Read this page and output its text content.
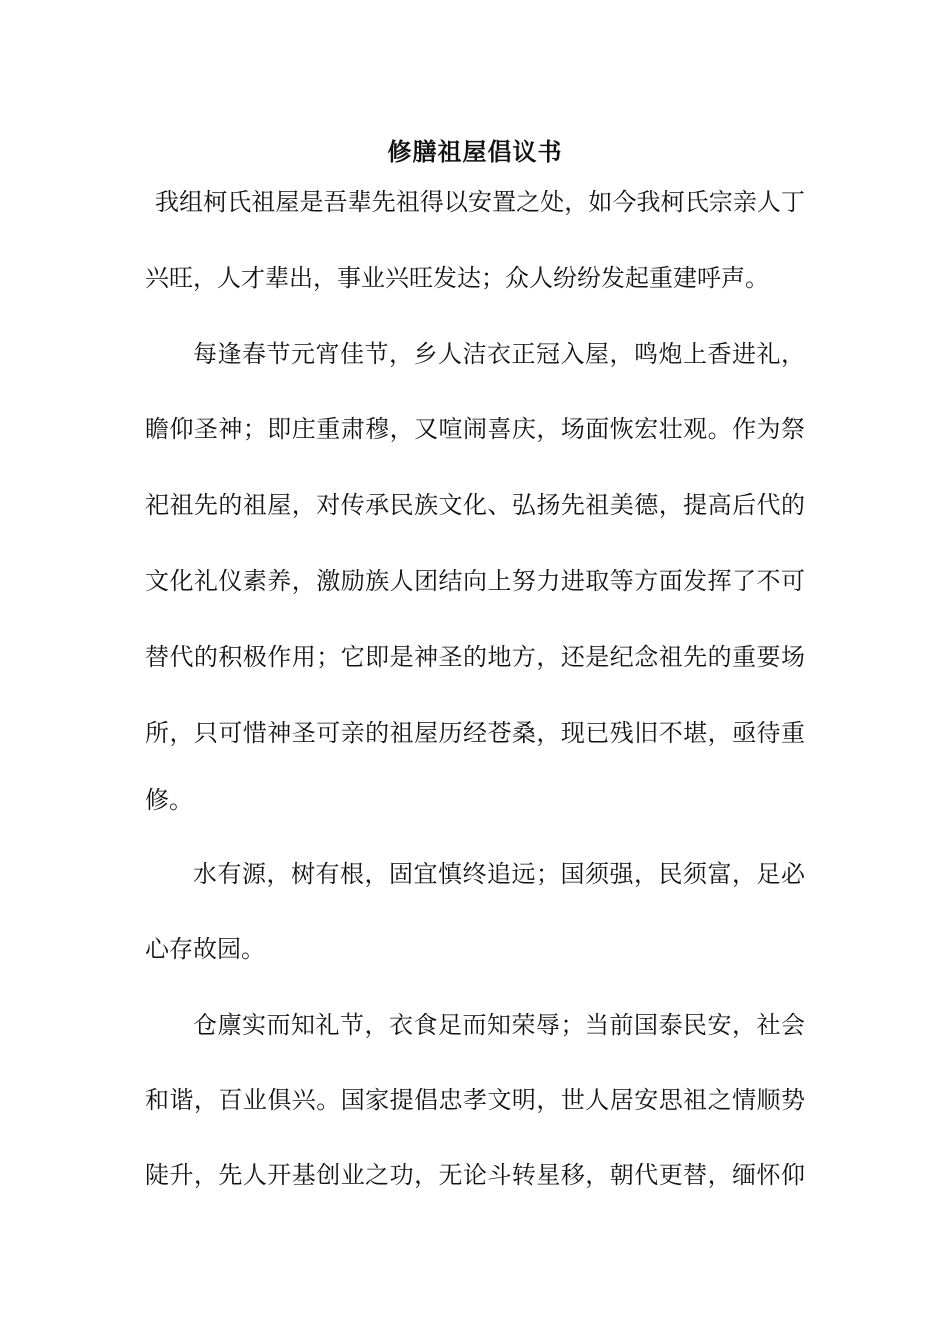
修膳祖屋倡议书
我组柯氏祖屋是吾辈先祖得以安置之处，如今我柯氏宗亲人丁
兴旺，人才辈出，事业兴旺发达；众人纷纷发起重建呼声。
每逢春节元宵佳节，乡人洁衣正冠入屋，鸣炮上香进礼，
瞻仰圣神；即庄重肃穆，又喧闹喜庆，场面恢宏壮观。作为祭
祀祖先的祖屋，对传承民族文化、弘扬先祖美德，提高后代的
文化礼仪素养，激励族人团结向上努力进取等方面发挥了不可
替代的积极作用；它即是神圣的地方，还是纪念祖先的重要场
所，只可惜神圣可亲的祖屋历经苍桑，现已残旧不堪，亟待重
修。
水有源，树有根，固宜慎终追远；国须强，民须富，足必
心存故园。
仓廪实而知礼节，衣食足而知荣辱；当前国泰民安，社会
和谐，百业俱兴。国家提倡忠孝文明，世人居安思祖之情顺势
陡升，先人开基创业之功，无论斗转星移，朝代更替，缅怀仰
